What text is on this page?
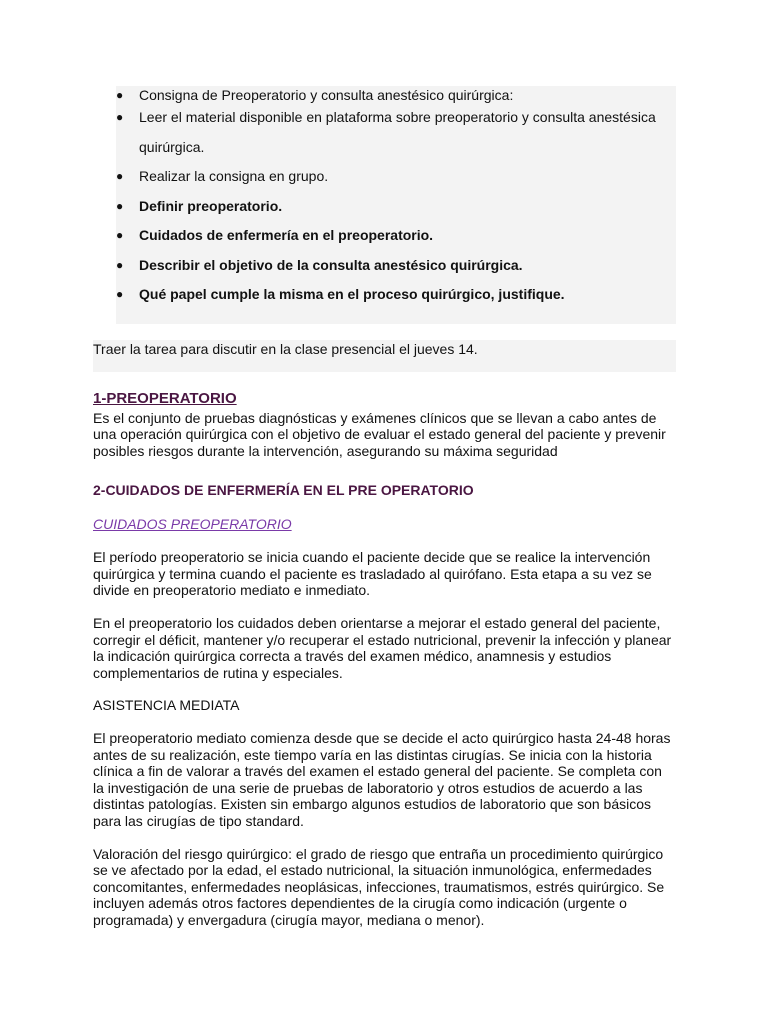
● Consigna de Preoperatorio y consulta anestésico quirúrgica:
● Leer el material disponible en plataforma sobre preoperatorio y consulta anestésica quirúrgica.
● Realizar la consigna en grupo.
● Definir preoperatorio.
● Cuidados de enfermería en el preoperatorio.
● Describir el objetivo de la consulta anestésico quirúrgica.
● Qué papel cumple la misma en el proceso quirúrgico, justifique.
Traer la tarea para discutir en la clase presencial el jueves 14.
1-PREOPERATORIO

Es el conjunto de pruebas diagnósticas y exámenes clínicos que se llevan a cabo antes de una operación quirúrgica con el objetivo de evaluar el estado general del paciente y prevenir posibles riesgos durante la intervención, asegurando su máxima seguridad

2-CUIDADOS DE ENFERMERÍA EN EL PRE OPERATORIO
CUIDADOS PREOPERATORIO

El período preoperatorio se inicia cuando el paciente decide que se realice la intervención quirúrgica y termina cuando el paciente es trasladado al quirófano. Esta etapa a su vez se divide en preoperatorio mediato e inmediato.

En el preoperatorio los cuidados deben orientarse a mejorar el estado general del paciente, corregir el déficit, mantener y/o recuperar el estado nutricional, prevenir la infección y planear la indicación quirúrgica correcta a través del examen médico, anamnesis y estudios complementarios de rutina y especiales.

ASISTENCIA MEDIATA

El preoperatorio mediato comienza desde que se decide el acto quirúrgico hasta 24-48 horas antes de su realización, este tiempo varía en las distintas cirugías. Se inicia con la historia clínica a fin de valorar a través del examen el estado general del paciente. Se completa con la investigación de una serie de pruebas de laboratorio y otros estudios de acuerdo a las distintas patologías. Existen sin embargo algunos estudios de laboratorio que son básicos para las cirugías de tipo standard.

Valoración del riesgo quirúrgico: el grado de riesgo que entraña un procedimiento quirúrgico se ve afectado por la edad, el estado nutricional, la situación inmunológica, enfermedades concomitantes, enfermedades neoplásicas, infecciones, traumatismos, estrés quirúrgico. Se incluyen además otros factores dependientes de la cirugía como indicación (urgente o programada) y envergadura (cirugía mayor, mediana o menor).
